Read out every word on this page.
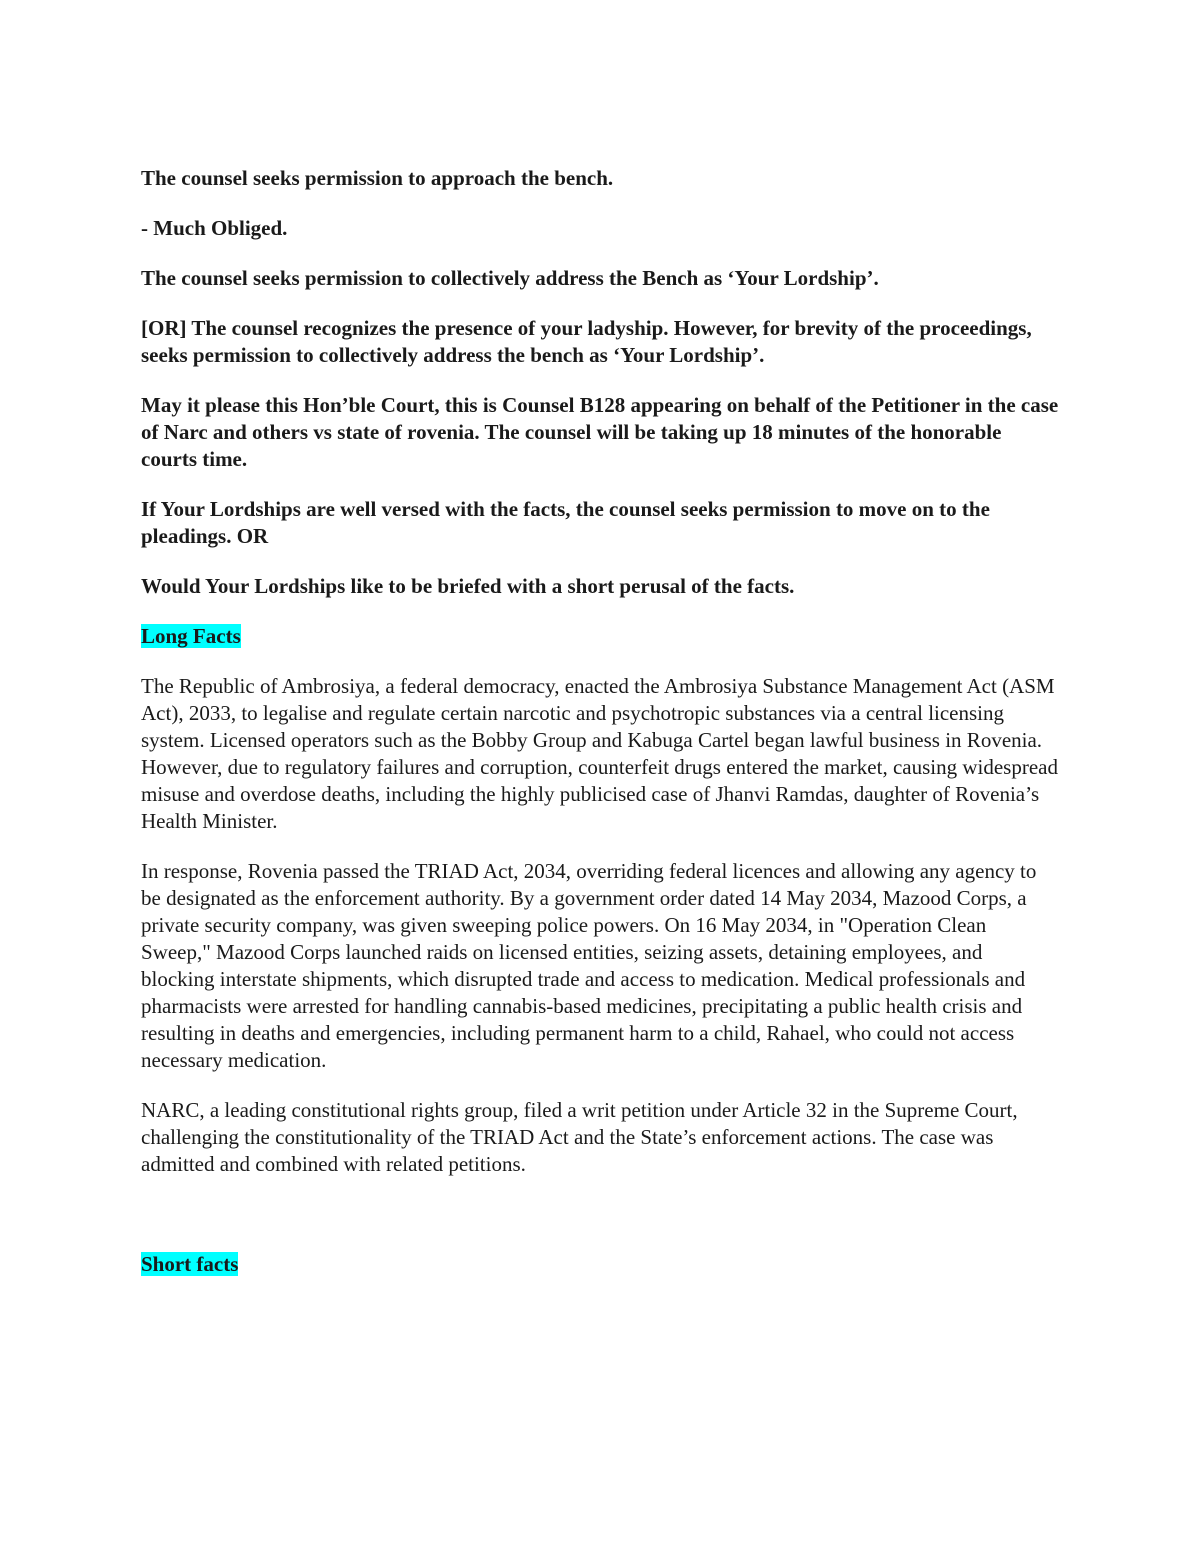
The counsel seeks permission to approach the bench.

- Much Obliged.

The counsel seeks permission to collectively address the Bench as ‘Your Lordship’.

[OR] The counsel recognizes the presence of your ladyship. However, for brevity of the proceedings, seeks permission to collectively address the bench as ‘Your Lordship’.

May it please this Hon’ble Court, this is Counsel B128 appearing on behalf of the Petitioner in the case of Narc and others vs state of rovenia. The counsel will be taking up 18 minutes of the honorable courts time.

If Your Lordships are well versed with the facts, the counsel seeks permission to move on to the pleadings. OR

Would Your Lordships like to be briefed with a short perusal of the facts.

Long Facts

The Republic of Ambrosiya, a federal democracy, enacted the Ambrosiya Substance Management Act (ASM Act), 2033, to legalise and regulate certain narcotic and psychotropic substances via a central licensing system. Licensed operators such as the Bobby Group and Kabuga Cartel began lawful business in Rovenia. However, due to regulatory failures and corruption, counterfeit drugs entered the market, causing widespread misuse and overdose deaths, including the highly publicised case of Jhanvi Ramdas, daughter of Rovenia’s Health Minister.

In response, Rovenia passed the TRIAD Act, 2034, overriding federal licences and allowing any agency to be designated as the enforcement authority. By a government order dated 14 May 2034, Mazood Corps, a private security company, was given sweeping police powers. On 16 May 2034, in "Operation Clean Sweep," Mazood Corps launched raids on licensed entities, seizing assets, detaining employees, and blocking interstate shipments, which disrupted trade and access to medication. Medical professionals and pharmacists were arrested for handling cannabis-based medicines, precipitating a public health crisis and resulting in deaths and emergencies, including permanent harm to a child, Rahael, who could not access necessary medication.

NARC, a leading constitutional rights group, filed a writ petition under Article 32 in the Supreme Court, challenging the constitutionality of the TRIAD Act and the State’s enforcement actions. The case was admitted and combined with related petitions.

Short facts
